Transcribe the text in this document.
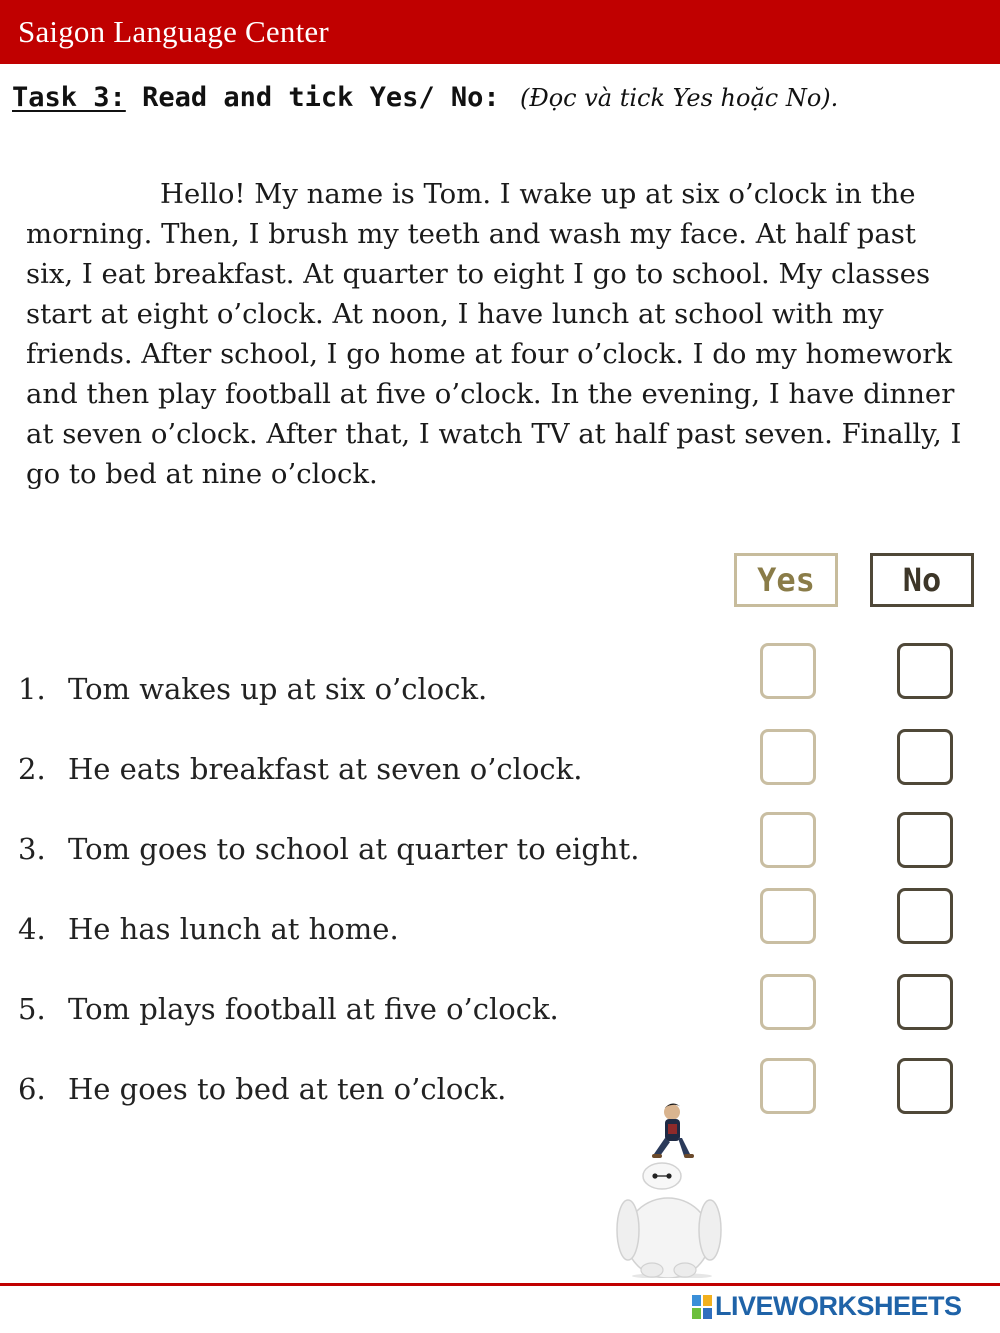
Saigon Language Center
Task 3: Read and tick Yes/ No: (Đọc và tick Yes hoặc No).

Hello! My name is Tom. I wake up at six o’clock in the morning. Then, I brush my teeth and wash my face. At half past six, I eat breakfast. At quarter to eight I go to school. My classes start at eight o’clock. At noon, I have lunch at school with my friends. After school, I go home at four o’clock. I do my homework and then play football at five o’clock. In the evening, I have dinner at seven o’clock. After that, I watch TV at half past seven. Finally, I go to bed at nine o’clock.

Yes	No
1. Tom wakes up at six o’clock.
2. He eats breakfast at seven o’clock.
3. Tom goes to school at quarter to eight.
4. He has lunch at home.
5. Tom plays football at five o’clock.
6. He goes to bed at ten o’clock.
LIVEWORKSHEETS
